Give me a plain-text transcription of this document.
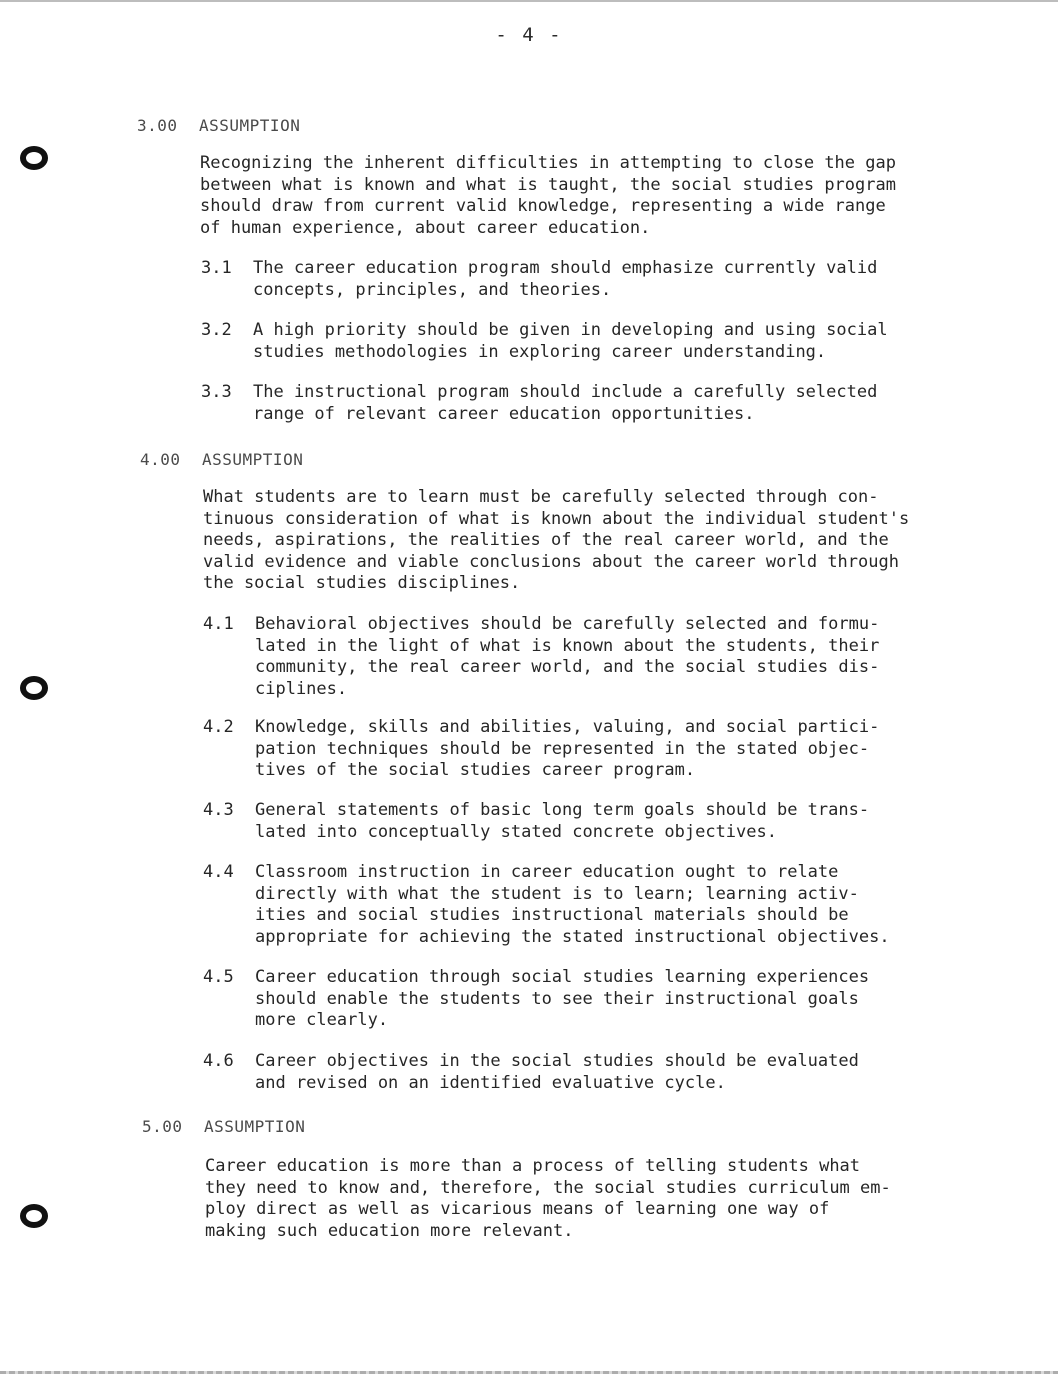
- 4 -
3.00 ASSUMPTION
Recognizing the inherent difficulties in attempting to close the gap
between what is known and what is taught, the social studies program
should draw from current valid knowledge, representing a wide range
of human experience, about career education.
3.1 The career education program should emphasize currently valid
concepts, principles, and theories.
3.2 A high priority should be given in developing and using social
studies methodologies in exploring career understanding.
3.3 The instructional program should include a carefully selected
range of relevant career education opportunities.
4.00 ASSUMPTION
What students are to learn must be carefully selected through con-
tinuous consideration of what is known about the individual student's
needs, aspirations, the realities of the real career world, and the
valid evidence and viable conclusions about the career world through
the social studies disciplines.
4.1 Behavioral objectives should be carefully selected and formu-
lated in the light of what is known about the students, their
community, the real career world, and the social studies dis-
ciplines.
4.2 Knowledge, skills and abilities, valuing, and social partici-
pation techniques should be represented in the stated objec-
tives of the social studies career program.
4.3 General statements of basic long term goals should be trans-
lated into conceptually stated concrete objectives.
4.4 Classroom instruction in career education ought to relate
directly with what the student is to learn; learning activ-
ities and social studies instructional materials should be
appropriate for achieving the stated instructional objectives.
4.5 Career education through social studies learning experiences
should enable the students to see their instructional goals
more clearly.
4.6 Career objectives in the social studies should be evaluated
and revised on an identified evaluative cycle.
5.00 ASSUMPTION
Career education is more than a process of telling students what
they need to know and, therefore, the social studies curriculum em-
ploy direct as well as vicarious means of learning one way of
making such education more relevant.
